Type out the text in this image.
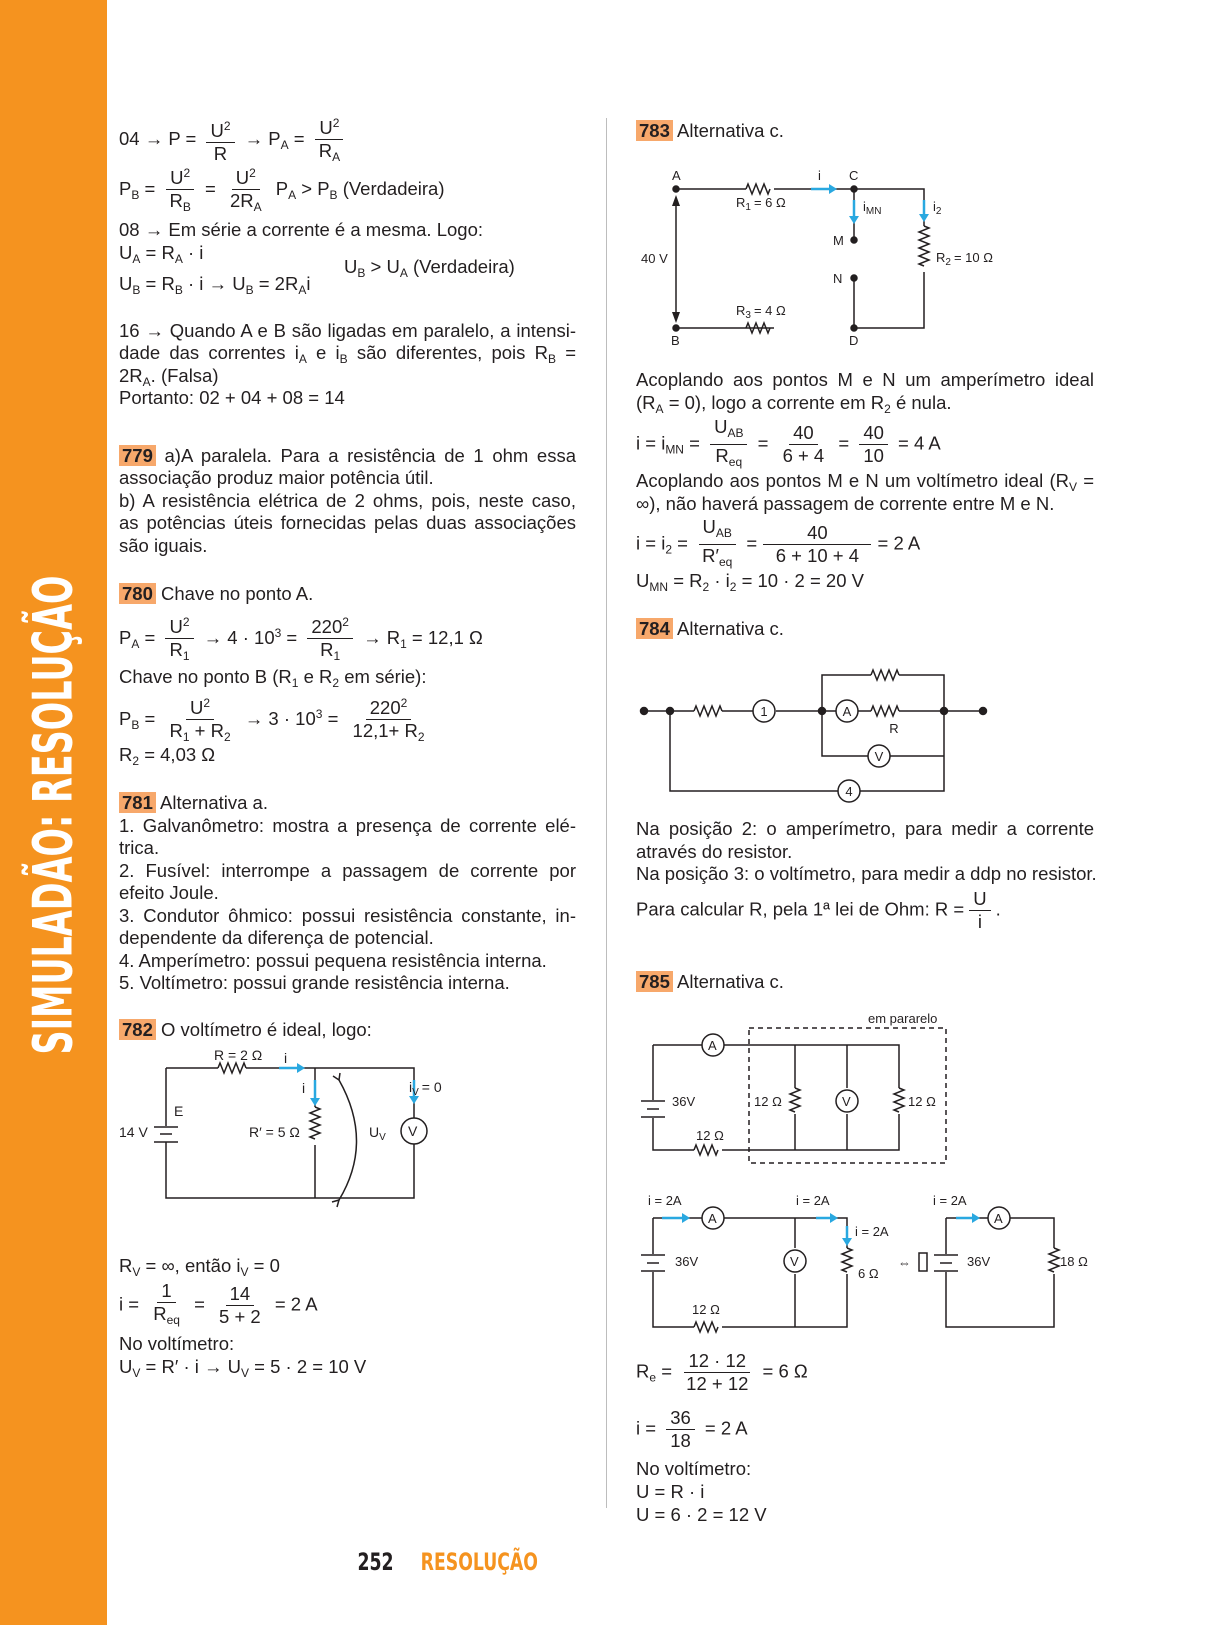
SIMULADÃO: RESOLUÇÃO
$04 \to P = \frac{U^2}{R} \to P_A = \frac{U^2}{R_A}$
$P_B = \frac{U^2}{R_B} = \frac{U^2}{2R_A} P_A > P_B$ (Verdadeira)
08 → Em série a corrente é a mesma. Logo:
$U_A = R_A \cdot i$
$U_B > U_A$ (Verdadeira)
$U_B = R_B \cdot i \to U_B = 2R_Ai$
16 → Quando A e B são ligadas em paralelo, a intensi-
dade das correntes $i_A$ e $i_B$ são diferentes, pois $R_B$ =
$2R_A$. (Falsa)
Portanto: 02 + 04 + 08 = 14
779 a)A paralela. Para a resistência de 1 ohm essa
associação produz maior potência útil.
b) A resistência elétrica de 2 ohms, pois, neste caso,
as potências úteis fornecidas pelas duas associações
são iguais.
780 Chave no ponto A.
$P_A = \frac{U^2}{R_1} \to 4 \cdot 10^3 = \frac{220^2}{R_1} \to R_1 = 12,1$ Ω
Chave no ponto B ($R_1$ e $R_2$ em série):
$P_B = \frac{U^2}{R_1 + R_2} \to 3 \cdot 10^3 = \frac{220^2}{12,1+ R_2}$
$R_2 = 4,03$ Ω
781 Alternativa a.
1. Galvanômetro: mostra a presença de corrente elé-
trica.
2. Fusível: interrompe a passagem de corrente por
efeito Joule.
3. Condutor ôhmico: possui resistência constante, in-
dependente da diferença de potencial.
4. Amperímetro: possui pequena resistência interna.
5. Voltímetro: possui grande resistência interna.
782 O voltímetro é ideal, logo:
$R_V$ = ∞, então $i_V = 0$
$i = \frac{1}{R_{eq}} = \frac{14}{5 + 2} = 2$ A
No voltímetro:
$U_V = R' \cdot i \to U_V = 5 \cdot 2 = 10$ V
R = 2 Ω i
i	$i_V = 0$
E
14 V	R′ = 5 Ω	$U_V$ V
783 Alternativa c.
Acoplando aos pontos M e N um amperímetro ideal
$(R_A = 0)$, logo a corrente em $R_2$ é nula.
$i = i_{MN} = \frac{U_{AB}}{R_{eq}} = \frac{40}{6 + 4} = \frac{40}{10} = 4$ A
Acoplando aos pontos M e N um voltímetro ideal ($R_V$ =
∞), não haverá passagem de corrente entre M e N.
$i = i_2 = \frac{U_{AB}}{R'_{eq}} = \frac{40}{6 + 10 + 4} = 2$ A
$U_{MN} = R_2 \cdot i_2 = 10 \cdot 2 = 20$ V
784 Alternativa c.
Na posição 2: o amperímetro, para medir a corrente
através do resistor.
Na posição 3: o voltímetro, para medir a ddp no resistor.
Para calcular R, pela 1ª lei de Ohm: $R = \frac{U}{i}$ .
785 Alternativa c.
$R_e = \frac{12 \cdot 12}{12 + 12} = 6$ Ω
$i = \frac{36}{18} = 2$ A
No voltímetro:
U = R · i
U = 6 · 2 = 12 V
A	C
B	D
M
N
i
$i_{MN}$	$i_2$
$R_1 = 6$ Ω
$R_2 = 10$ Ω
$R_3 = 4$ Ω
40 V
1	A
V
4
R
em pararelo
A
V
36V	12 Ω	12 Ω
12 Ω
i = 2A	i = 2A
i = 2A
i = 2A
A	A
V
36V	36V
12 Ω
6 Ω
18 Ω
⇔
252 RESOLUÇÃO
